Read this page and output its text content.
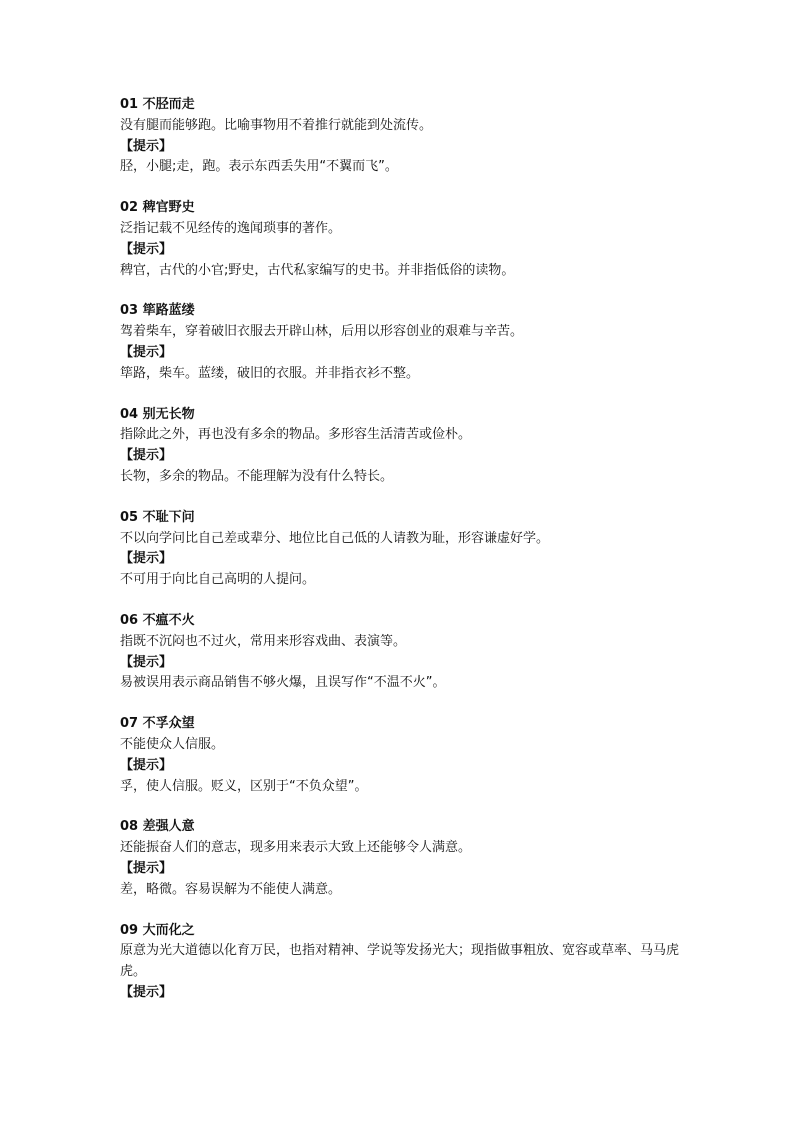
01 不胫而走
没有腿而能够跑。比喻事物用不着推行就能到处流传。
【提示】
胫，小腿;走，跑。表示东西丢失用“不翼而飞”。
02 稗官野史
泛指记载不见经传的逸闻琐事的著作。
【提示】
稗官，古代的小官;野史，古代私家编写的史书。并非指低俗的读物。
03 筚路蓝缕
驾着柴车，穿着破旧衣服去开辟山林，后用以形容创业的艰难与辛苦。
【提示】
筚路，柴车。蓝缕，破旧的衣服。并非指衣衫不整。
04 别无长物
指除此之外，再也没有多余的物品。多形容生活清苦或俭朴。
【提示】
长物，多余的物品。不能理解为没有什么特长。
05 不耻下问
不以向学问比自己差或辈分、地位比自己低的人请教为耻，形容谦虚好学。
【提示】
不可用于向比自己高明的人提问。
06 不瘟不火
指既不沉闷也不过火，常用来形容戏曲、表演等。
【提示】
易被误用表示商品销售不够火爆，且误写作“不温不火”。
07 不孚众望
不能使众人信服。
【提示】
孚，使人信服。贬义，区别于“不负众望”。
08 差强人意
还能振奋人们的意志，现多用来表示大致上还能够令人满意。
【提示】
差，略微。容易误解为不能使人满意。
09 大而化之
原意为光大道德以化育万民，也指对精神、学说等发扬光大；现指做事粗放、宽容或草率、马马虎虎。
【提示】
